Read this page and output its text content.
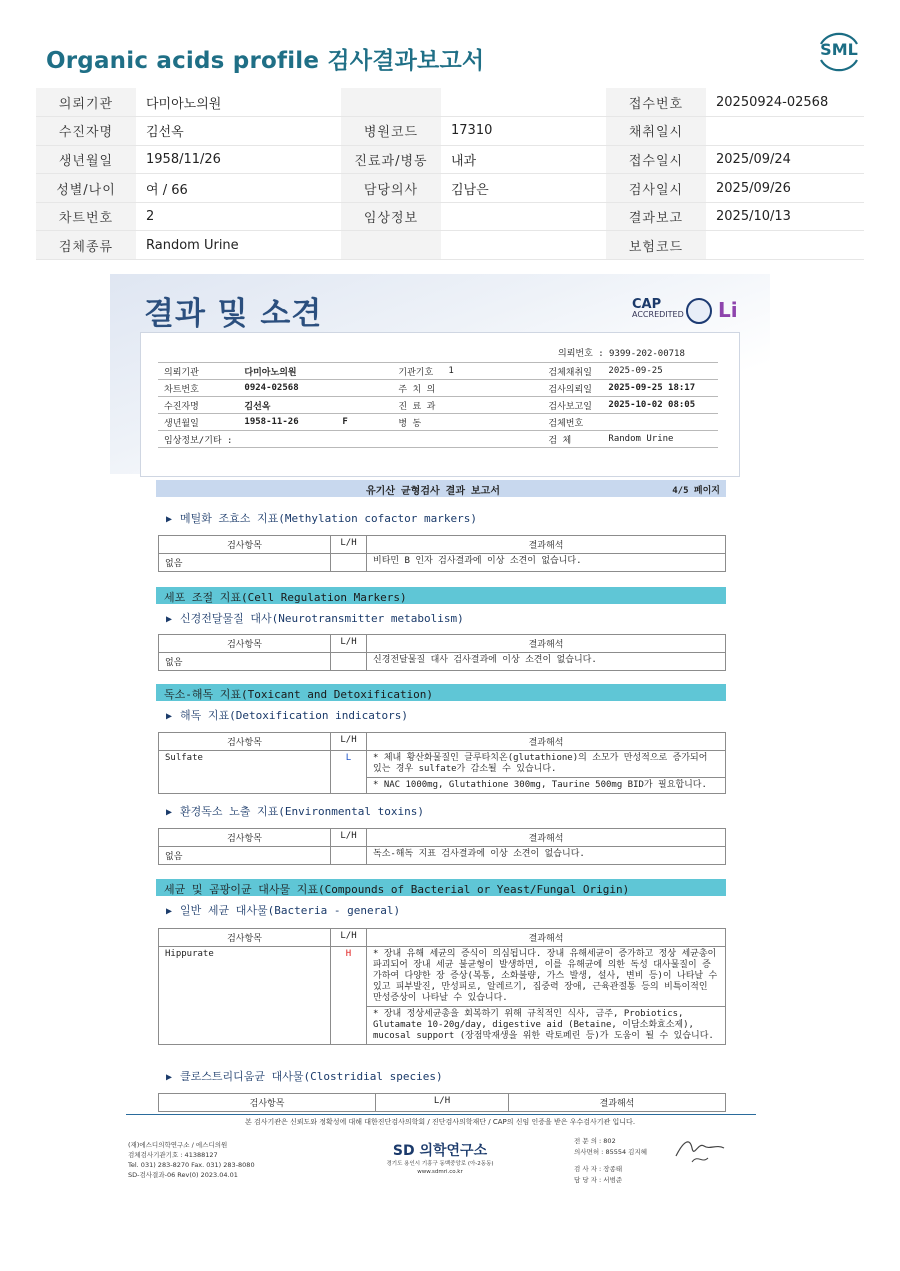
Organic acids profile 검사결과보고서	SML
의뢰기관	다미아노의원			접수번호	20250924-02568
수진자명	김선옥	병원코드	17310	채취일시	
생년월일	1958/11/26	진료과/병동	내과	접수일시	2025/09/24
성별/나이	여 / 66	담당의사	김남은	검사일시	2025/09/26
차트번호	2	임상정보		결과보고	2025/10/13
검체종류	Random Urine			보험코드	
결과 및 소견	CAP
ACCREDITED Li
의뢰번호 : 9399-202-00718
의뢰기관	다미아노의원		기관기호	1	검체채취일	2025-09-25
차트번호	0924-02568		주 치 의		검사의뢰일	2025-09-25 18:17
수진자명	김선옥		진 료 과		검사보고일	2025-10-02 08:05
생년월일	1958-11-26	F	병 동		검체번호	
임상정보/기타 :					검 체	Random Urine
유기산 균형검사 결과 보고서	4/5 페이지
▶ 메틸화 조효소 지표(Methylation cofactor markers)
검사항목	L/H	결과해석
없음		비타민 B 인자 검사결과에 이상 소견이 없습니다.
세포 조절 지표(Cell Regulation Markers)
▶ 신경전달물질 대사(Neurotransmitter metabolism)
검사항목	L/H	결과해석
없음		신경전달물질 대사 검사결과에 이상 소견이 없습니다.
독소-해독 지표(Toxicant and Detoxification)
▶ 해독 지표(Detoxification indicators)
검사항목	L/H	결과해석
Sulfate	L	* 체내 황산화물질인 글루타치온(glutathione)의 소모가 만성적으로 증가되어 있는 경우 sulfate가 감소될 수 있습니다.
		* NAC 1000mg, Glutathione 300mg, Taurine 500mg BID가 필요합니다.
▶ 환경독소 노출 지표(Environmental toxins)
검사항목	L/H	결과해석
없음		독소-해독 지표 검사결과에 이상 소견이 없습니다.
세균 및 곰팡이균 대사물 지표(Compounds of Bacterial or Yeast/Fungal Origin)
▶ 일반 세균 대사물(Bacteria - general)
검사항목	L/H	결과해석
Hippurate	H	* 장내 유해 세균의 증식이 의심됩니다. 장내 유해세균이 증가하고 정상 세균총이 파괴되어 장내 세균 불균형이 발생하면, 이를 유해균에 의한 독성 대사물질이 증가하여 다양한 장 증상(복통, 소화불량, 가스 발생, 설사, 변비 등)이 나타날 수 있고 피부발진, 만성피로, 알레르기, 집중력 장애, 근육관절통 등의 비특이적인 만성증상이 나타날 수 있습니다.
		* 장내 정상세균총을 회복하기 위해 규칙적인 식사, 금주, Probiotics, Glutamate 10-20g/day, digestive aid (Betaine, 이담소화효소제), mucosal support (장점막재생을 위한 락토페린 등)가 도움이 될 수 있습니다.
▶ 클로스트리디움균 대사물(Clostridial species)
검사항목	L/H	결과해석
본 검사기관은 신뢰도와 정확성에 대해 대한진단검사의학회 / 진단검사의학재단 / CAP의 신임 인증을 받은 우수검사기관 입니다.
(재)에스디의학연구소 / 에스디의원
검체검사기관기호 : 41388127
Tel. 031) 283-8270 Fax. 031) 283-8080
SD-검사결과-06 Rev(0) 2023.04.01
SD 의학연구소
경기도 용인시 기흥구 동백중앙로 (아-2동동)
www.sdmri.co.kr
전 문 의 : 802
의사면허 : 85554 김지혜
검 사 자 : 장종태
담 당 자 : 서범준
